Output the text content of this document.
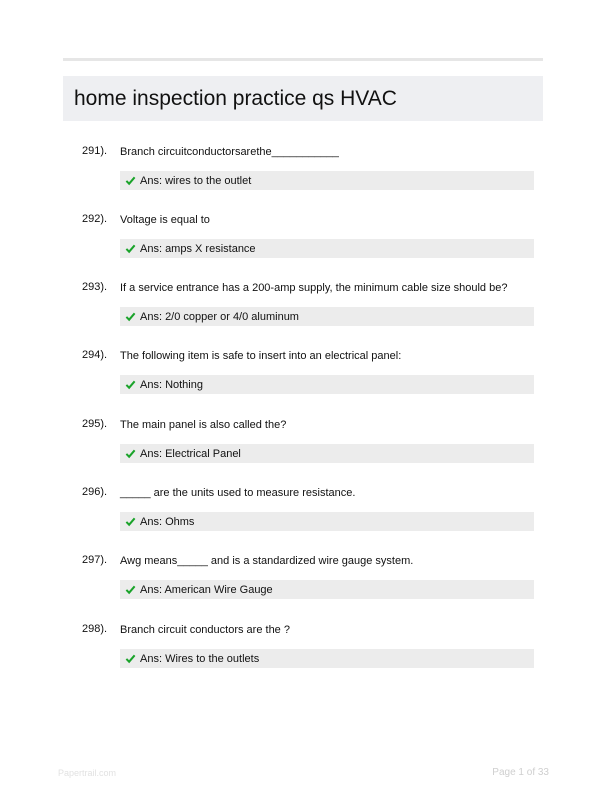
home inspection practice qs HVAC
291). Branch circuitconductorsarethe___________
Ans: wires to the outlet
292). Voltage is equal to
Ans: amps X resistance
293). If a service entrance has a 200-amp supply, the minimum cable size should be?
Ans: 2/0 copper or 4/0 aluminum
294). The following item is safe to insert into an electrical panel:
Ans: Nothing
295). The main panel is also called the?
Ans: Electrical Panel
296). _____ are the units used to measure resistance.
Ans: Ohms
297). Awg means_____ and is a standardized wire gauge system.
Ans: American Wire Gauge
298). Branch circuit conductors are the ?
Ans: Wires to the outlets
Papertrail.com	Page 1 of 33
